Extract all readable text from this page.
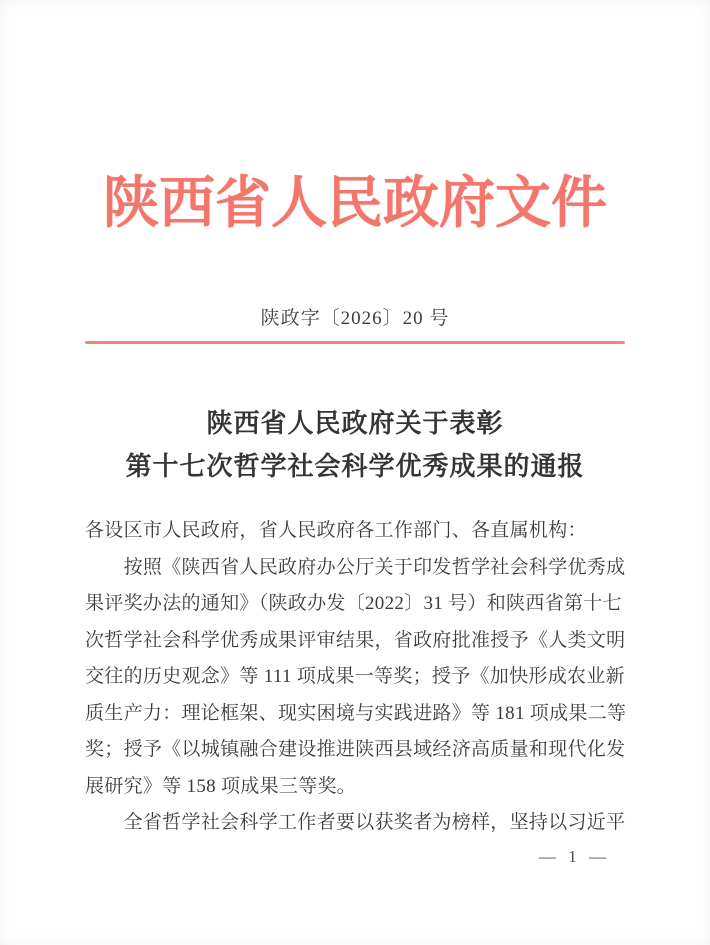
陕西省人民政府文件
陕政字〔2026〕20 号
陕西省人民政府关于表彰
第十七次哲学社会科学优秀成果的通报
各设区市人民政府，省人民政府各工作部门、各直属机构：
　　按照《陕西省人民政府办公厅关于印发哲学社会科学优秀成
果评奖办法的通知》（陕政办发〔2022〕31 号）和陕西省第十七
次哲学社会科学优秀成果评审结果，省政府批准授予《人类文明
交往的历史观念》等 111 项成果一等奖；授予《加快形成农业新
质生产力：理论框架、现实困境与实践进路》等 181 项成果二等
奖；授予《以城镇融合建设推进陕西县域经济高质量和现代化发
展研究》等 158 项成果三等奖。
　　全省哲学社会科学工作者要以获奖者为榜样，坚持以习近平
— 1 —
